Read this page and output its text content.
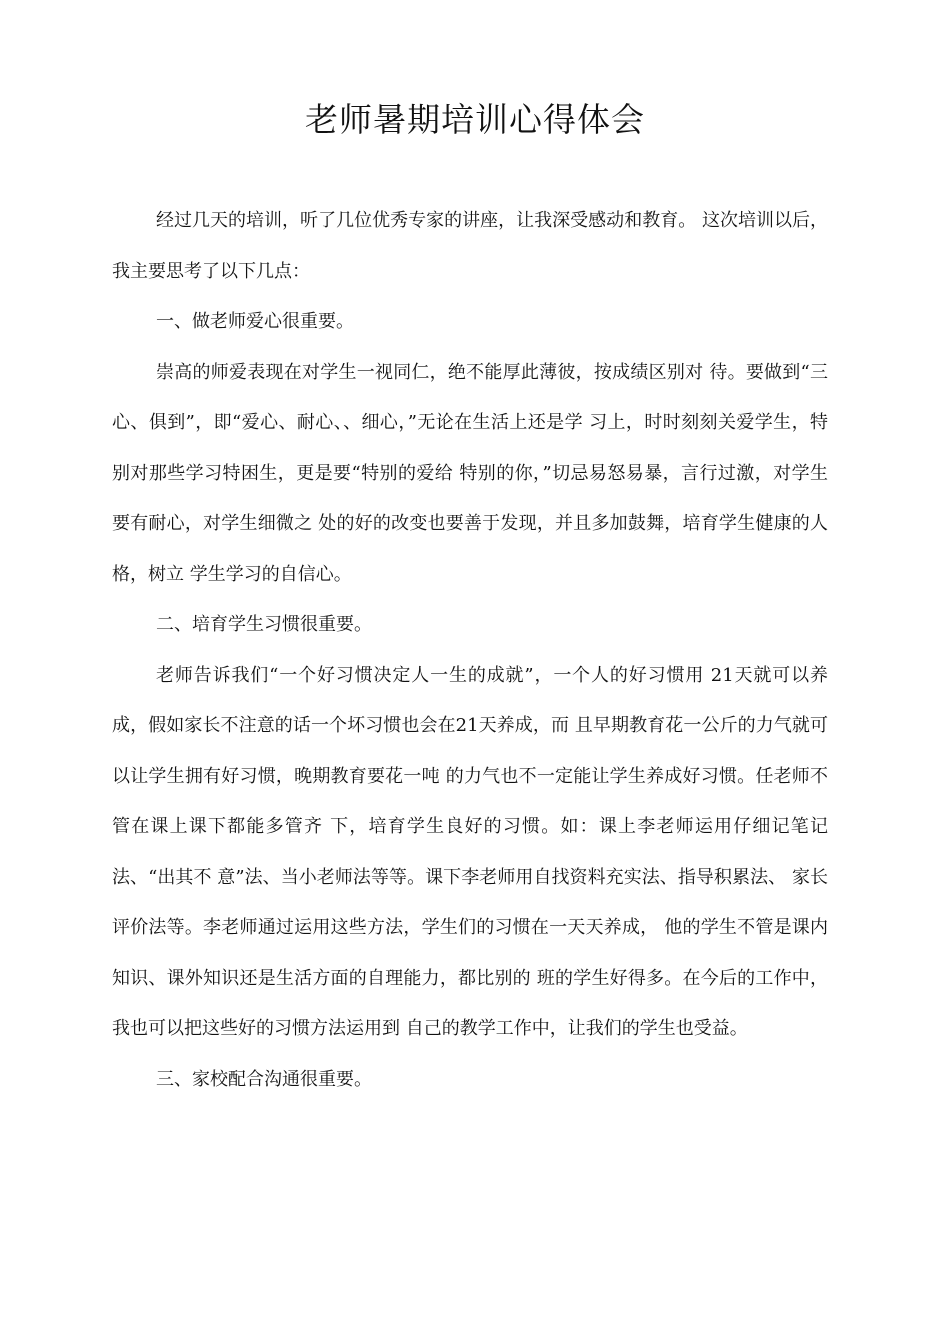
老师暑期培训心得体会

经过几天的培训，听了几位优秀专家的讲座，让我深受感动和教育。 这次培训以后，我主要思考了以下几点：

一、做老师爱心很重要。

崇高的师爱表现在对学生一视同仁，绝不能厚此薄彼，按成绩区别对 待。要做到“三心、俱到”，即“爱心、耐心、、细心，”无论在生活上还是学 习上，时时刻刻关爱学生，特别对那些学习特困生，更是要“特别的爱给 特别的你，”切忌易怒易暴，言行过激，对学生要有耐心，对学生细微之 处的好的改变也要善于发现，并且多加鼓舞，培育学生健康的人格，树立 学生学习的自信心。

二、培育学生习惯很重要。

老师告诉我们“一个好习惯决定人一生的成就”，一个人的好习惯用 21天就可以养成，假如家长不注意的话一个坏习惯也会在21天养成，而 且早期教育花一公斤的力气就可以让学生拥有好习惯，晚期教育要花一吨 的力气也不一定能让学生养成好习惯。任老师不管在课上课下都能多管齐 下，培育学生良好的习惯。如：课上李老师运用仔细记笔记法、“出其不 意”法、当小老师法等等。课下李老师用自找资料充实法、指导积累法、 家长评价法等。李老师通过运用这些方法，学生们的习惯在一天天养成， 他的学生不管是课内知识、课外知识还是生活方面的自理能力，都比别的 班的学生好得多。在今后的工作中，我也可以把这些好的习惯方法运用到 自己的教学工作中，让我们的学生也受益。

三、家校配合沟通很重要。
